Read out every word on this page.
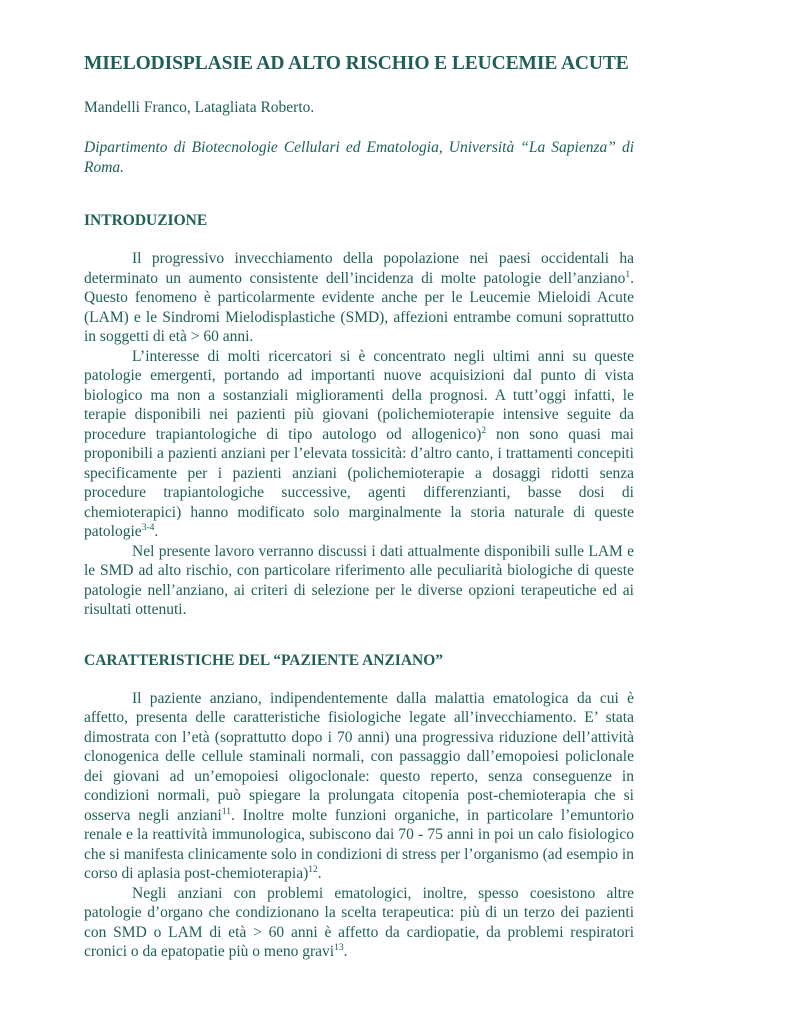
MIELODISPLASIE AD ALTO RISCHIO E LEUCEMIE ACUTE
Mandelli Franco, Latagliata Roberto.
Dipartimento di Biotecnologie Cellulari ed Ematologia, Università “La Sapienza” di Roma.
INTRODUZIONE

Il progressivo invecchiamento della popolazione nei paesi occidentali ha determinato un aumento consistente dell’incidenza di molte patologie dell’anziano$^1$. Questo fenomeno è particolarmente evidente anche per le Leucemie Mieloidi Acute (LAM) e le Sindromi Mielodisplastiche (SMD), affezioni entrambe comuni soprattutto in soggetti di età > 60 anni.

L’interesse di molti ricercatori si è concentrato negli ultimi anni su queste patologie emergenti, portando ad importanti nuove acquisizioni dal punto di vista biologico ma non a sostanziali miglioramenti della prognosi. A tutt’oggi infatti, le terapie disponibili nei pazienti più giovani (polichemioterapie intensive seguite da procedure trapiantologiche di tipo autologo od allogenico)$^2$ non sono quasi mai proponibili a pazienti anziani per l’elevata tossicità: d’altro canto, i trattamenti concepiti specificamente per i pazienti anziani (polichemioterapie a dosaggi ridotti senza procedure trapiantologiche successive, agenti differenzianti, basse dosi di chemioterapici) hanno modificato solo marginalmente la storia naturale di queste patologie$^{3-4}$.

Nel presente lavoro verranno discussi i dati attualmente disponibili sulle LAM e le SMD ad alto rischio, con particolare riferimento alle peculiarità biologiche di queste patologie nell’anziano, ai criteri di selezione per le diverse opzioni terapeutiche ed ai risultati ottenuti.

CARATTERISTICHE DEL “PAZIENTE ANZIANO”

Il paziente anziano, indipendentemente dalla malattia ematologica da cui è affetto, presenta delle caratteristiche fisiologiche legate all’invecchiamento. E’ stata dimostrata con l’età (soprattutto dopo i 70 anni) una progressiva riduzione dell’attività clonogenica delle cellule staminali normali, con passaggio dall’emopoiesi policlonale dei giovani ad un’emopoiesi oligoclonale: questo reperto, senza conseguenze in condizioni normali, può spiegare la prolungata citopenia post-chemioterapia che si osserva negli anziani$^{11}$. Inoltre molte funzioni organiche, in particolare l’emuntorio renale e la reattività immunologica, subiscono dai 70 - 75 anni in poi un calo fisiologico che si manifesta clinicamente solo in condizioni di stress per l’organismo (ad esempio in corso di aplasia post-chemioterapia)$^{12}$.

Negli anziani con problemi ematologici, inoltre, spesso coesistono altre patologie d’organo che condizionano la scelta terapeutica: più di un terzo dei pazienti con SMD o LAM di età > 60 anni è affetto da cardiopatie, da problemi respiratori cronici o da epatopatie più o meno gravi$^{13}$.
